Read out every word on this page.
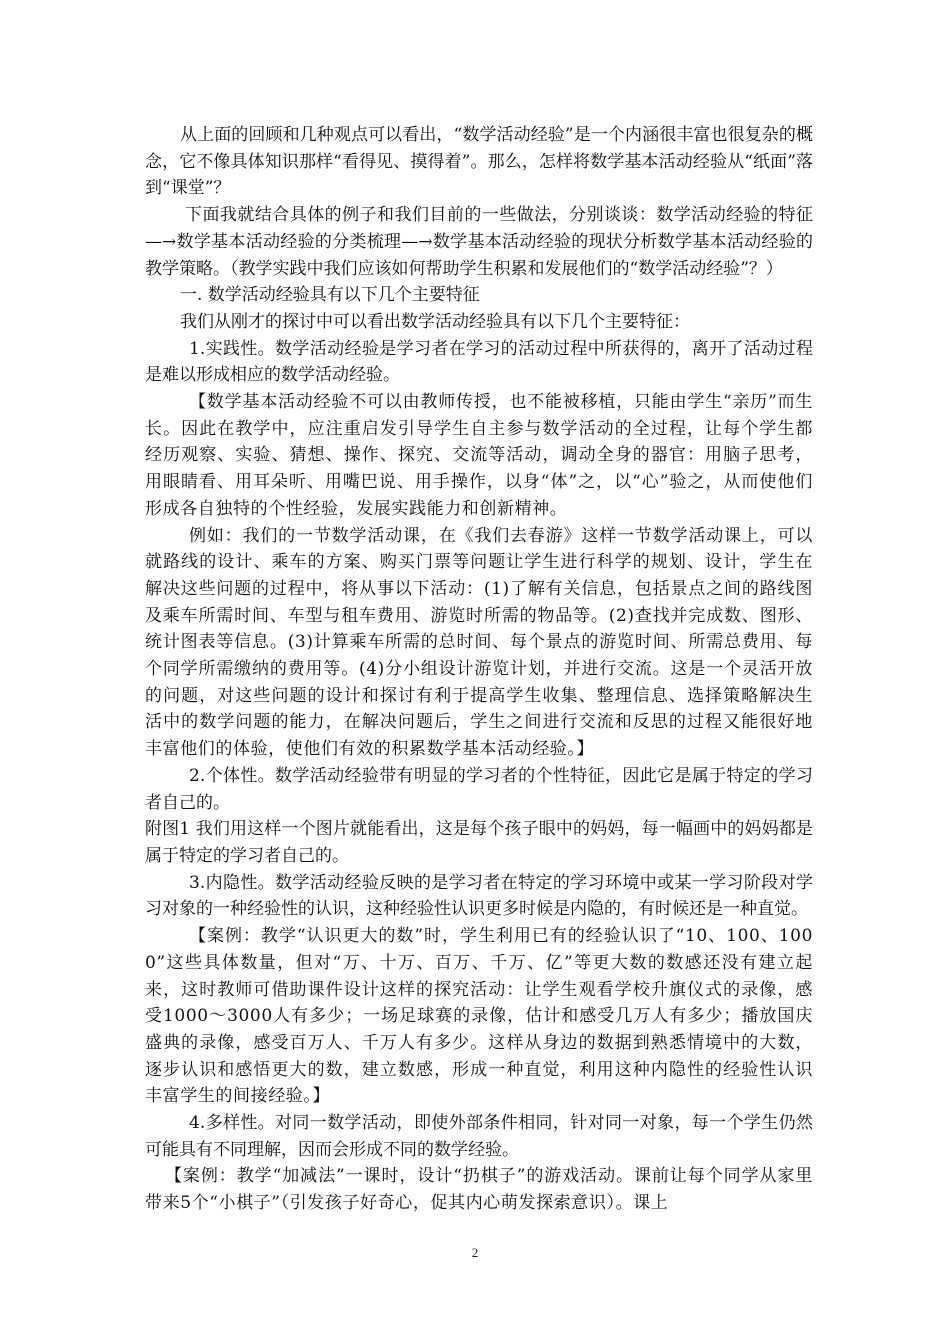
从上面的回顾和几种观点可以看出，“数学活动经验”是一个内涵很丰富也很复杂的概念，它不像具体知识那样“看得见、摸得着”。那么，怎样将数学基本活动经验从“纸面”落到“课堂”？

下面我就结合具体的例子和我们目前的一些做法，分别谈谈：数学活动经验的特征—→数学基本活动经验的分类梳理—→数学基本活动经验的现状分析数学基本活动经验的教学策略。（教学实践中我们应该如何帮助学生积累和发展他们的“数学活动经验”？）

一. 数学活动经验具有以下几个主要特征

我们从刚才的探讨中可以看出数学活动经验具有以下几个主要特征：

1.实践性。数学活动经验是学习者在学习的活动过程中所获得的，离开了活动过程是难以形成相应的数学活动经验。

【数学基本活动经验不可以由教师传授，也不能被移植，只能由学生“亲历”而生长。因此在教学中，应注重启发引导学生自主参与数学活动的全过程，让每个学生都经历观察、实验、猜想、操作、探究、交流等活动，调动全身的器官：用脑子思考，用眼睛看、用耳朵听、用嘴巴说、用手操作，以身“体”之，以“心”验之，从而使他们形成各自独特的个性经验，发展实践能力和创新精神。

例如：我们的一节数学活动课，在《我们去春游》这样一节数学活动课上，可以就路线的设计、乘车的方案、购买门票等问题让学生进行科学的规划、设计，学生在解决这些问题的过程中，将从事以下活动：(1)了解有关信息，包括景点之间的路线图及乘车所需时间、车型与租车费用、游览时所需的物品等。(2)查找并完成数、图形、统计图表等信息。(3)计算乘车所需的总时间、每个景点的游览时间、所需总费用、每个同学所需缴纳的费用等。(4)分小组设计游览计划，并进行交流。这是一个灵活开放的问题，对这些问题的设计和探讨有利于提高学生收集、整理信息、选择策略解决生活中的数学问题的能力，在解决问题后，学生之间进行交流和反思的过程又能很好地丰富他们的体验，使他们有效的积累数学基本活动经验。】

2.个体性。数学活动经验带有明显的学习者的个性特征，因此它是属于特定的学习者自己的。

附图1 我们用这样一个图片就能看出，这是每个孩子眼中的妈妈，每一幅画中的妈妈都是属于特定的学习者自己的。

3.内隐性。数学活动经验反映的是学习者在特定的学习环境中或某一学习阶段对学习对象的一种经验性的认识，这种经验性认识更多时候是内隐的，有时候还是一种直觉。

【案例：教学“认识更大的数”时，学生利用已有的经验认识了“10、100、1000”这些具体数量，但对“万、十万、百万、千万、亿”等更大数的数感还没有建立起来，这时教师可借助课件设计这样的探究活动：让学生观看学校升旗仪式的录像，感受1000～3000人有多少；一场足球赛的录像，估计和感受几万人有多少；播放国庆盛典的录像，感受百万人、千万人有多少。这样从身边的数据到熟悉情境中的大数，逐步认识和感悟更大的数，建立数感，形成一种直觉，利用这种内隐性的经验性认识丰富学生的间接经验。】

4.多样性。对同一数学活动，即使外部条件相同，针对同一对象，每一个学生仍然可能具有不同理解，因而会形成不同的数学经验。

【案例：教学“加减法”一课时，设计“扔棋子”的游戏活动。课前让每个同学从家里带来5个“小棋子”（引发孩子好奇心，促其内心萌发探索意识）。课上

2
